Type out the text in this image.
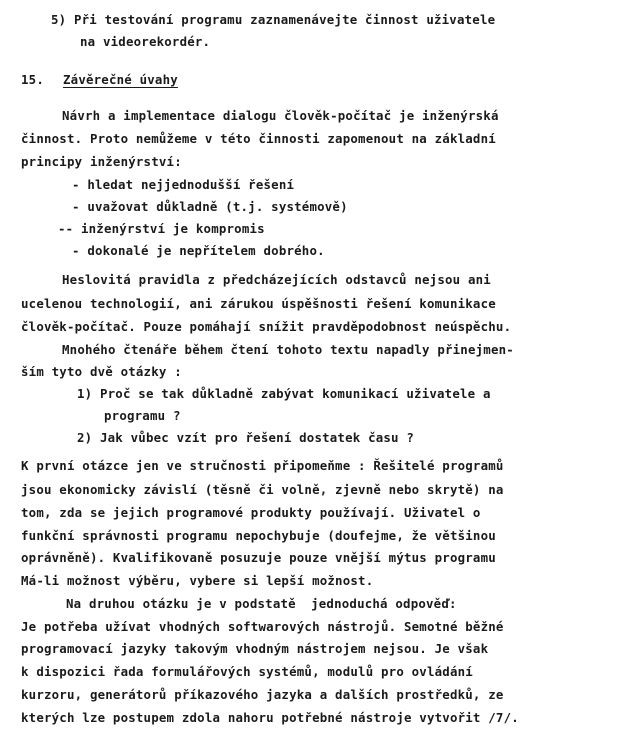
5) Při testování programu zaznamenávejte činnost uživatele
na videorekordér.
15. Závěrečné úvahy
Návrh a implementace dialogu člověk-počítač je inženýrská
činnost. Proto nemůžeme v této činnosti zapomenout na základní
principy inženýrství:
- hledat nejjednodušší řešení
- uvažovat důkladně (t.j. systémově)
-- inženýrství je kompromis
- dokonalé je nepřítelem dobrého.
Heslovitá pravidla z předcházejících odstavců nejsou ani
ucelenou technologií, ani zárukou úspěšnosti řešení komunikace
člověk-počítač. Pouze pomáhají snížit pravděpodobnost neúspěchu.
Mnohého čtenáře během čtení tohoto textu napadly přinejmen-
ším tyto dvě otázky :
1) Proč se tak důkladně zabývat komunikací uživatele a
programu ?
2) Jak vůbec vzít pro řešení dostatek času ?
K první otázce jen ve stručnosti připomeňme : Řešitelé programů
jsou ekonomicky závislí (těsně či volně, zjevně nebo skrytě) na
tom, zda se jejich programové produkty používají. Uživatel o
funkční správnosti programu nepochybuje (doufejme, že většinou
oprávněně). Kvalifikovaně posuzuje pouze vnější mýtus programu
Má-li možnost výběru, vybere si lepší možnost.
Na druhou otázku je v podstatě  jednoduchá odpověď:
Je potřeba užívat vhodných softwarových nástrojů. Semotné běžné
programovací jazyky takovým vhodným nástrojem nejsou. Je však
k dispozici řada formulářových systémů, modulů pro ovládání
kurzoru, generátorů příkazového jazyka a dalších prostředků, ze
kterých lze postupem zdola nahoru potřebné nástroje vytvořit /7/.
